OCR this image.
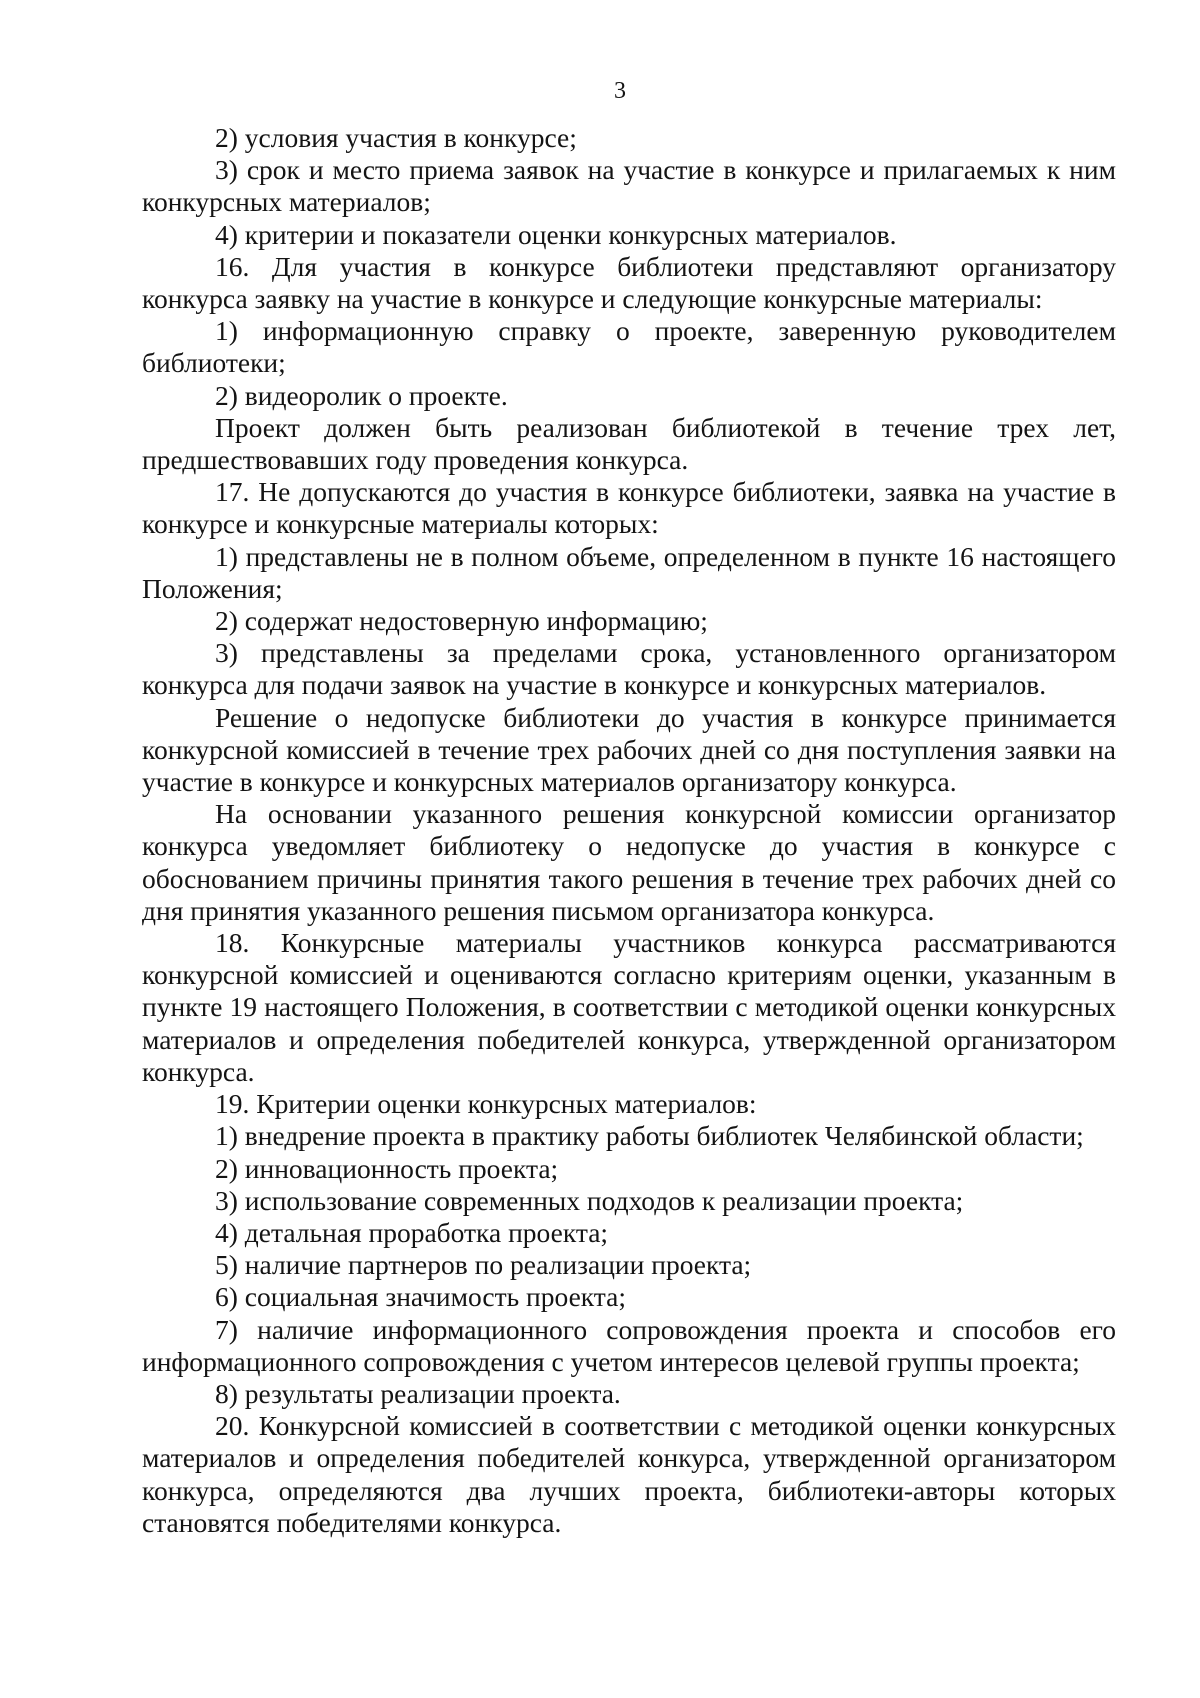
3

2) условия участия в конкурсе;

3) срок и место приема заявок на участие в конкурсе и прилагаемых к ним конкурсных материалов;

4) критерии и показатели оценки конкурсных материалов.

16. Для участия в конкурсе библиотеки представляют организатору конкурса заявку на участие в конкурсе и следующие конкурсные материалы:

1) информационную справку о проекте, заверенную руководителем библиотеки;

2) видеоролик о проекте.

Проект должен быть реализован библиотекой в течение трех лет, предшествовавших году проведения конкурса.

17. Не допускаются до участия в конкурсе библиотеки, заявка на участие в конкурсе и конкурсные материалы которых:

1) представлены не в полном объеме, определенном в пункте 16 настоящего Положения;

2) содержат недостоверную информацию;

3) представлены за пределами срока, установленного организатором конкурса для подачи заявок на участие в конкурсе и конкурсных материалов.

Решение о недопуске библиотеки до участия в конкурсе принимается конкурсной комиссией в течение трех рабочих дней со дня поступления заявки на участие в конкурсе и конкурсных материалов организатору конкурса.

На основании указанного решения конкурсной комиссии организатор конкурса уведомляет библиотеку о недопуске до участия в конкурсе с обоснованием причины принятия такого решения в течение трех рабочих дней со дня принятия указанного решения письмом организатора конкурса.

18. Конкурсные материалы участников конкурса рассматриваются конкурсной комиссией и оцениваются согласно критериям оценки, указанным в пункте 19 настоящего Положения, в соответствии с методикой оценки конкурсных материалов и определения победителей конкурса, утвержденной организатором конкурса.

19. Критерии оценки конкурсных материалов:

1) внедрение проекта в практику работы библиотек Челябинской области;

2) инновационность проекта;

3) использование современных подходов к реализации проекта;

4) детальная проработка проекта;

5) наличие партнеров по реализации проекта;

6) социальная значимость проекта;

7) наличие информационного сопровождения проекта и способов его информационного сопровождения с учетом интересов целевой группы проекта;

8) результаты реализации проекта.

20. Конкурсной комиссией в соответствии с методикой оценки конкурсных материалов и определения победителей конкурса, утвержденной организатором конкурса, определяются два лучших проекта, библиотеки-авторы которых становятся победителями конкурса.
